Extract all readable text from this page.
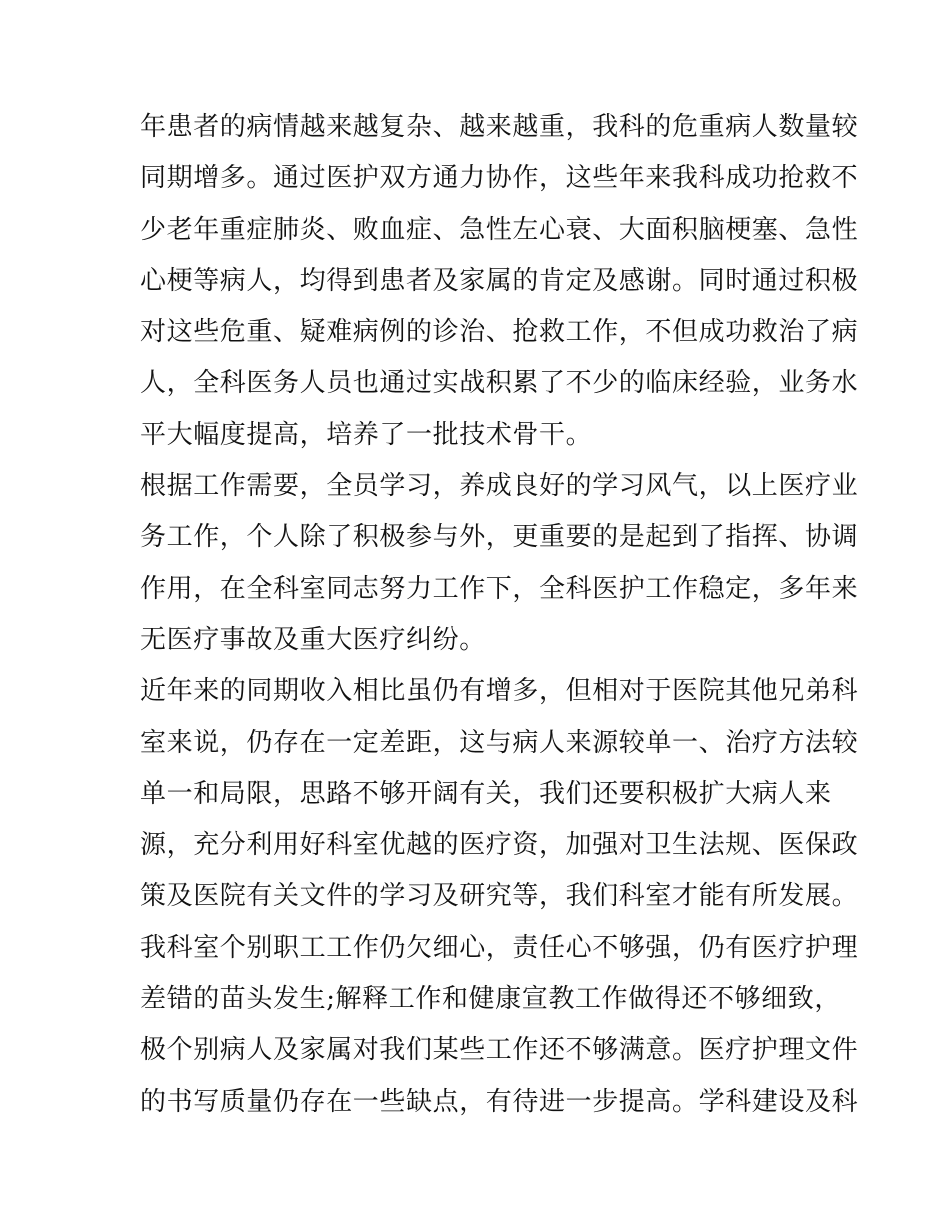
年患者的病情越来越复杂、越来越重，我科的危重病人数量较
同期增多。通过医护双方通力协作，这些年来我科成功抢救不
少老年重症肺炎、败血症、急性左心衰、大面积脑梗塞、急性
心梗等病人，均得到患者及家属的肯定及感谢。同时通过积极
对这些危重、疑难病例的诊治、抢救工作，不但成功救治了病
人，全科医务人员也通过实战积累了不少的临床经验，业务水
平大幅度提高，培养了一批技术骨干。
根据工作需要，全员学习，养成良好的学习风气，以上医疗业
务工作，个人除了积极参与外，更重要的是起到了指挥、协调
作用，在全科室同志努力工作下，全科医护工作稳定，多年来
无医疗事故及重大医疗纠纷。
近年来的同期收入相比虽仍有增多，但相对于医院其他兄弟科
室来说，仍存在一定差距，这与病人来源较单一、治疗方法较
单一和局限，思路不够开阔有关，我们还要积极扩大病人来
源，充分利用好科室优越的医疗资，加强对卫生法规、医保政
策及医院有关文件的学习及研究等，我们科室才能有所发展。
我科室个别职工工作仍欠细心，责任心不够强，仍有医疗护理
差错的苗头发生;解释工作和健康宣教工作做得还不够细致，
极个别病人及家属对我们某些工作还不够满意。医疗护理文件
的书写质量仍存在一些缺点，有待进一步提高。学科建设及科
